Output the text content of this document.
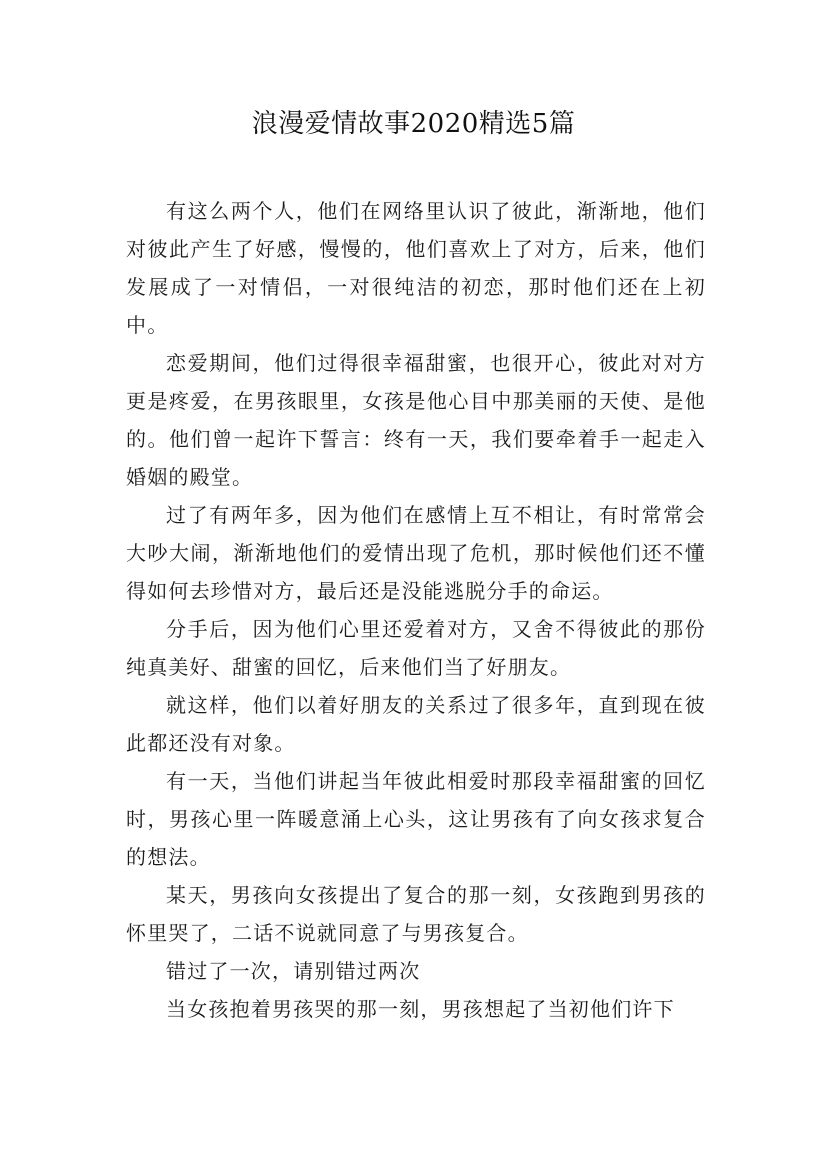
浪漫爱情故事2020精选5篇

有这么两个人，他们在网络里认识了彼此，渐渐地，他们对彼此产生了好感，慢慢的，他们喜欢上了对方，后来，他们发展成了一对情侣，一对很纯洁的初恋，那时他们还在上初中。

恋爱期间，他们过得很幸福甜蜜，也很开心，彼此对对方更是疼爱，在男孩眼里，女孩是他心目中那美丽的天使、是他的。他们曾一起许下誓言：终有一天，我们要牵着手一起走入婚姻的殿堂。

过了有两年多，因为他们在感情上互不相让，有时常常会大吵大闹，渐渐地他们的爱情出现了危机，那时候他们还不懂得如何去珍惜对方，最后还是没能逃脱分手的命运。

分手后，因为他们心里还爱着对方，又舍不得彼此的那份纯真美好、甜蜜的回忆，后来他们当了好朋友。

就这样，他们以着好朋友的关系过了很多年，直到现在彼此都还没有对象。

有一天，当他们讲起当年彼此相爱时那段幸福甜蜜的回忆时，男孩心里一阵暖意涌上心头，这让男孩有了向女孩求复合的想法。

某天，男孩向女孩提出了复合的那一刻，女孩跑到男孩的怀里哭了，二话不说就同意了与男孩复合。

错过了一次，请别错过两次

当女孩抱着男孩哭的那一刻，男孩想起了当初他们许下
